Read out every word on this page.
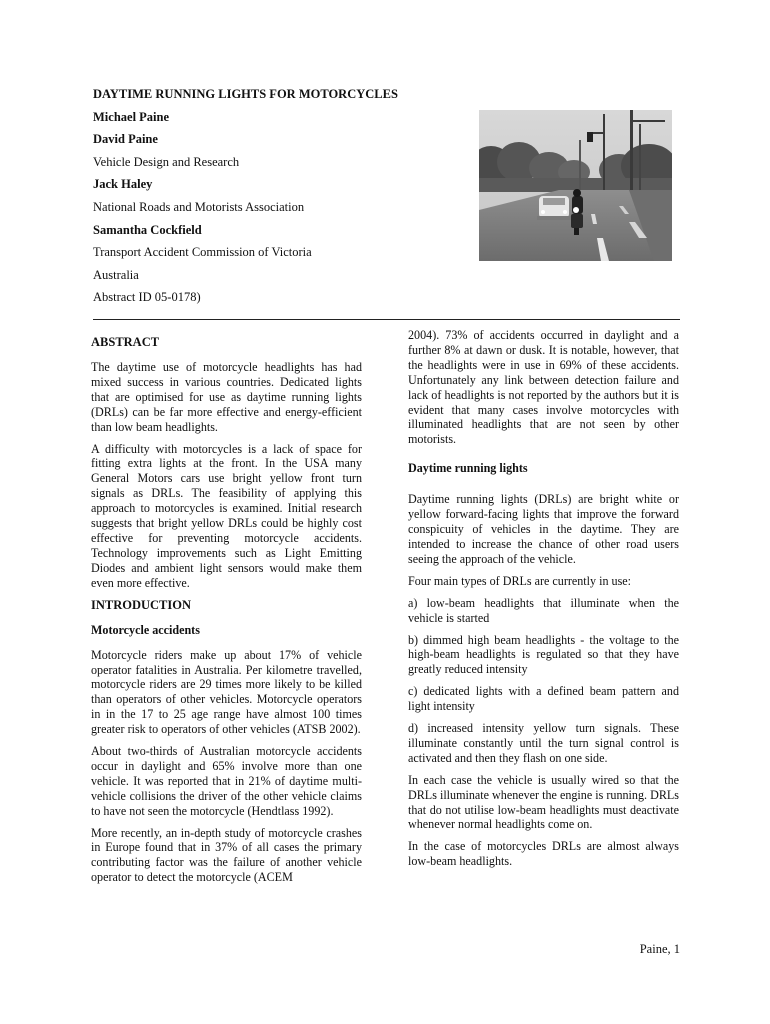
DAYTIME RUNNING LIGHTS FOR MOTORCYCLES

Michael Paine

David Paine

Vehicle Design and Research

Jack Haley

National Roads and Motorists Association

Samantha Cockfield

Transport Accident Commission of Victoria

Australia

Abstract ID 05-0178)

ABSTRACT

The daytime use of motorcycle headlights has had mixed success in various countries. Dedicated lights that are optimised for use as daytime running lights (DRLs) can be far more effective and energy-efficient than low beam headlights.

A difficulty with motorcycles is a lack of space for fitting extra lights at the front. In the USA many General Motors cars use bright yellow front turn signals as DRLs. The feasibility of applying this approach to motorcycles is examined. Initial research suggests that bright yellow DRLs could be highly cost effective for preventing motorcycle accidents. Technology improvements such as Light Emitting Diodes and ambient light sensors would make them even more effective.

INTRODUCTION
Motorcycle accidents

Motorcycle riders make up about 17% of vehicle operator fatalities in Australia. Per kilometre travelled, motorcycle riders are 29 times more likely to be killed than operators of other vehicles. Motorcycle operators in in the 17 to 25 age range have almost 100 times greater risk to operators of other vehicles (ATSB 2002).

About two-thirds of Australian motorcycle accidents occur in daylight and 65% involve more than one vehicle. It was reported that in 21% of daytime multi-vehicle collisions the driver of the other vehicle claims to have not seen the motorcycle (Hendtlass 1992).

More recently, an in-depth study of motorcycle crashes in Europe found that in 37% of all cases the primary contributing factor was the failure of another vehicle operator to detect the motorcycle (ACEM

2004). 73% of accidents occurred in daylight and a further 8% at dawn or dusk. It is notable, however, that the headlights were in use in 69% of these accidents. Unfortunately any link between detection failure and lack of headlights is not reported by the authors but it is evident that many cases involve motorcycles with illuminated headlights that are not seen by other motorists.

Daytime running lights

Daytime running lights (DRLs) are bright white or yellow forward-facing lights that improve the forward conspicuity of vehicles in the daytime. They are intended to increase the chance of other road users seeing the approach of the vehicle.

Four main types of DRLs are currently in use:

a) low-beam headlights that illuminate when the vehicle is started

b) dimmed high beam headlights - the voltage to the high-beam headlights is regulated so that they have greatly reduced intensity

c) dedicated lights with a defined beam pattern and light intensity

d) increased intensity yellow turn signals. These illuminate constantly until the turn signal control is activated and then they flash on one side.

In each case the vehicle is usually wired so that the DRLs illuminate whenever the engine is running. DRLs that do not utilise low-beam headlights must deactivate whenever normal headlights come on.

In the case of motorcycles DRLs are almost always low-beam headlights.

Paine, 1
